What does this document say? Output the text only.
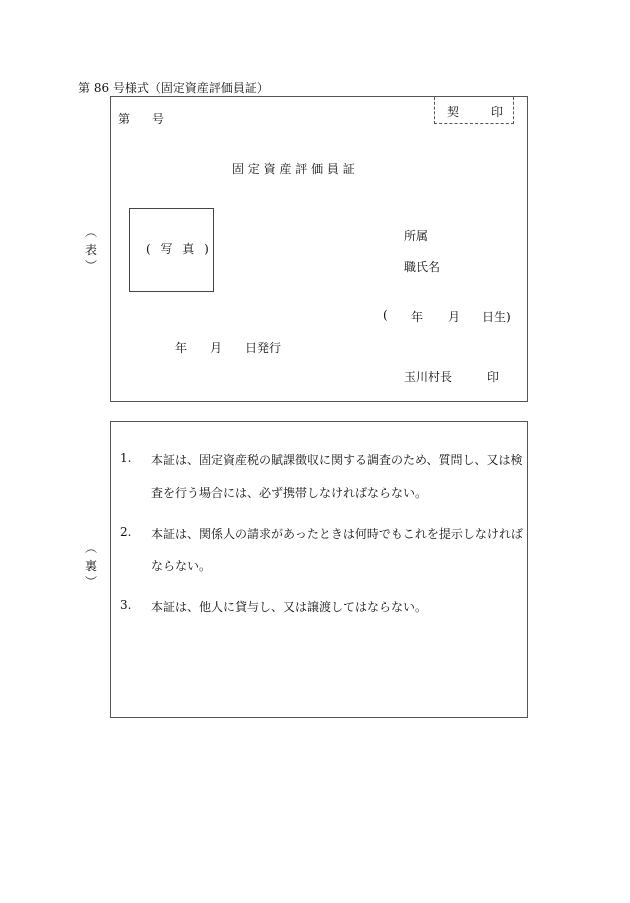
第 86 号様式（固定資産評価員証）
︵
表
︶
第 号	契	印
固 定 資 産 評 価 員 証
( 写 真 )
所属
職氏名
( 年 月 日生)
年 月 日発行
玉川村長	印
︵
裏
︶
1. 本証は、固定資産税の賦課徴収に関する調査のため、質問し、又は検
査を行う場合には、必ず携帯しなければならない。
2. 本証は、関係人の請求があったときは何時でもこれを提示しなければ
ならない。
3. 本証は、他人に貸与し、又は譲渡してはならない。
